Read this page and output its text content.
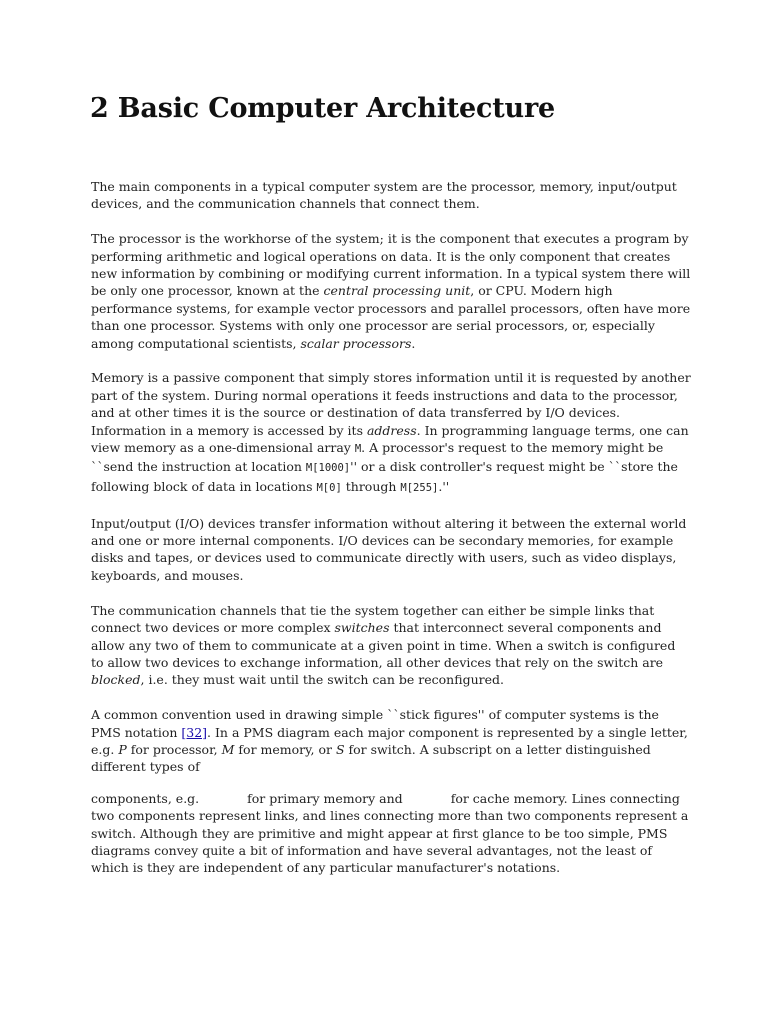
2 Basic Computer Architecture

The main components in a typical computer system are the processor, memory, input/output devices, and the communication channels that connect them.

The processor is the workhorse of the system; it is the component that executes a program by performing arithmetic and logical operations on data. It is the only component that creates new information by combining or modifying current information. In a typical system there will be only one processor, known at the central processing unit, or CPU. Modern high performance systems, for example vector processors and parallel processors, often have more than one processor. Systems with only one processor are serial processors, or, especially among computational scientists, scalar processors.

Memory is a passive component that simply stores information until it is requested by another part of the system. During normal operations it feeds instructions and data to the processor, and at other times it is the source or destination of data transferred by I/O devices. Information in a memory is accessed by its address. In programming language terms, one can view memory as a one-dimensional array M. A processor's request to the memory might be ``send the instruction at location M[1000]'' or a disk controller's request might be ``store the following block of data in locations M[0] through M[255].''

Input/output (I/O) devices transfer information without altering it between the external world and one or more internal components. I/O devices can be secondary memories, for example disks and tapes, or devices used to communicate directly with users, such as video displays, keyboards, and mouses.

The communication channels that tie the system together can either be simple links that connect two devices or more complex switches that interconnect several components and allow any two of them to communicate at a given point in time. When a switch is configured to allow two devices to exchange information, all other devices that rely on the switch are blocked, i.e. they must wait until the switch can be reconfigured.

A common convention used in drawing simple ``stick figures'' of computer systems is the PMS notation [32]. In a PMS diagram each major component is represented by a single letter, e.g. P for processor, M for memory, or S for switch. A subscript on a letter distinguished different types of

components, e.g.	for primary memory and	for cache memory. Lines connecting two components represent links, and lines connecting more than two components represent a switch. Although they are primitive and might appear at first glance to be too simple, PMS diagrams convey quite a bit of information and have several advantages, not the least of which is they are independent of any particular manufacturer's notations.
